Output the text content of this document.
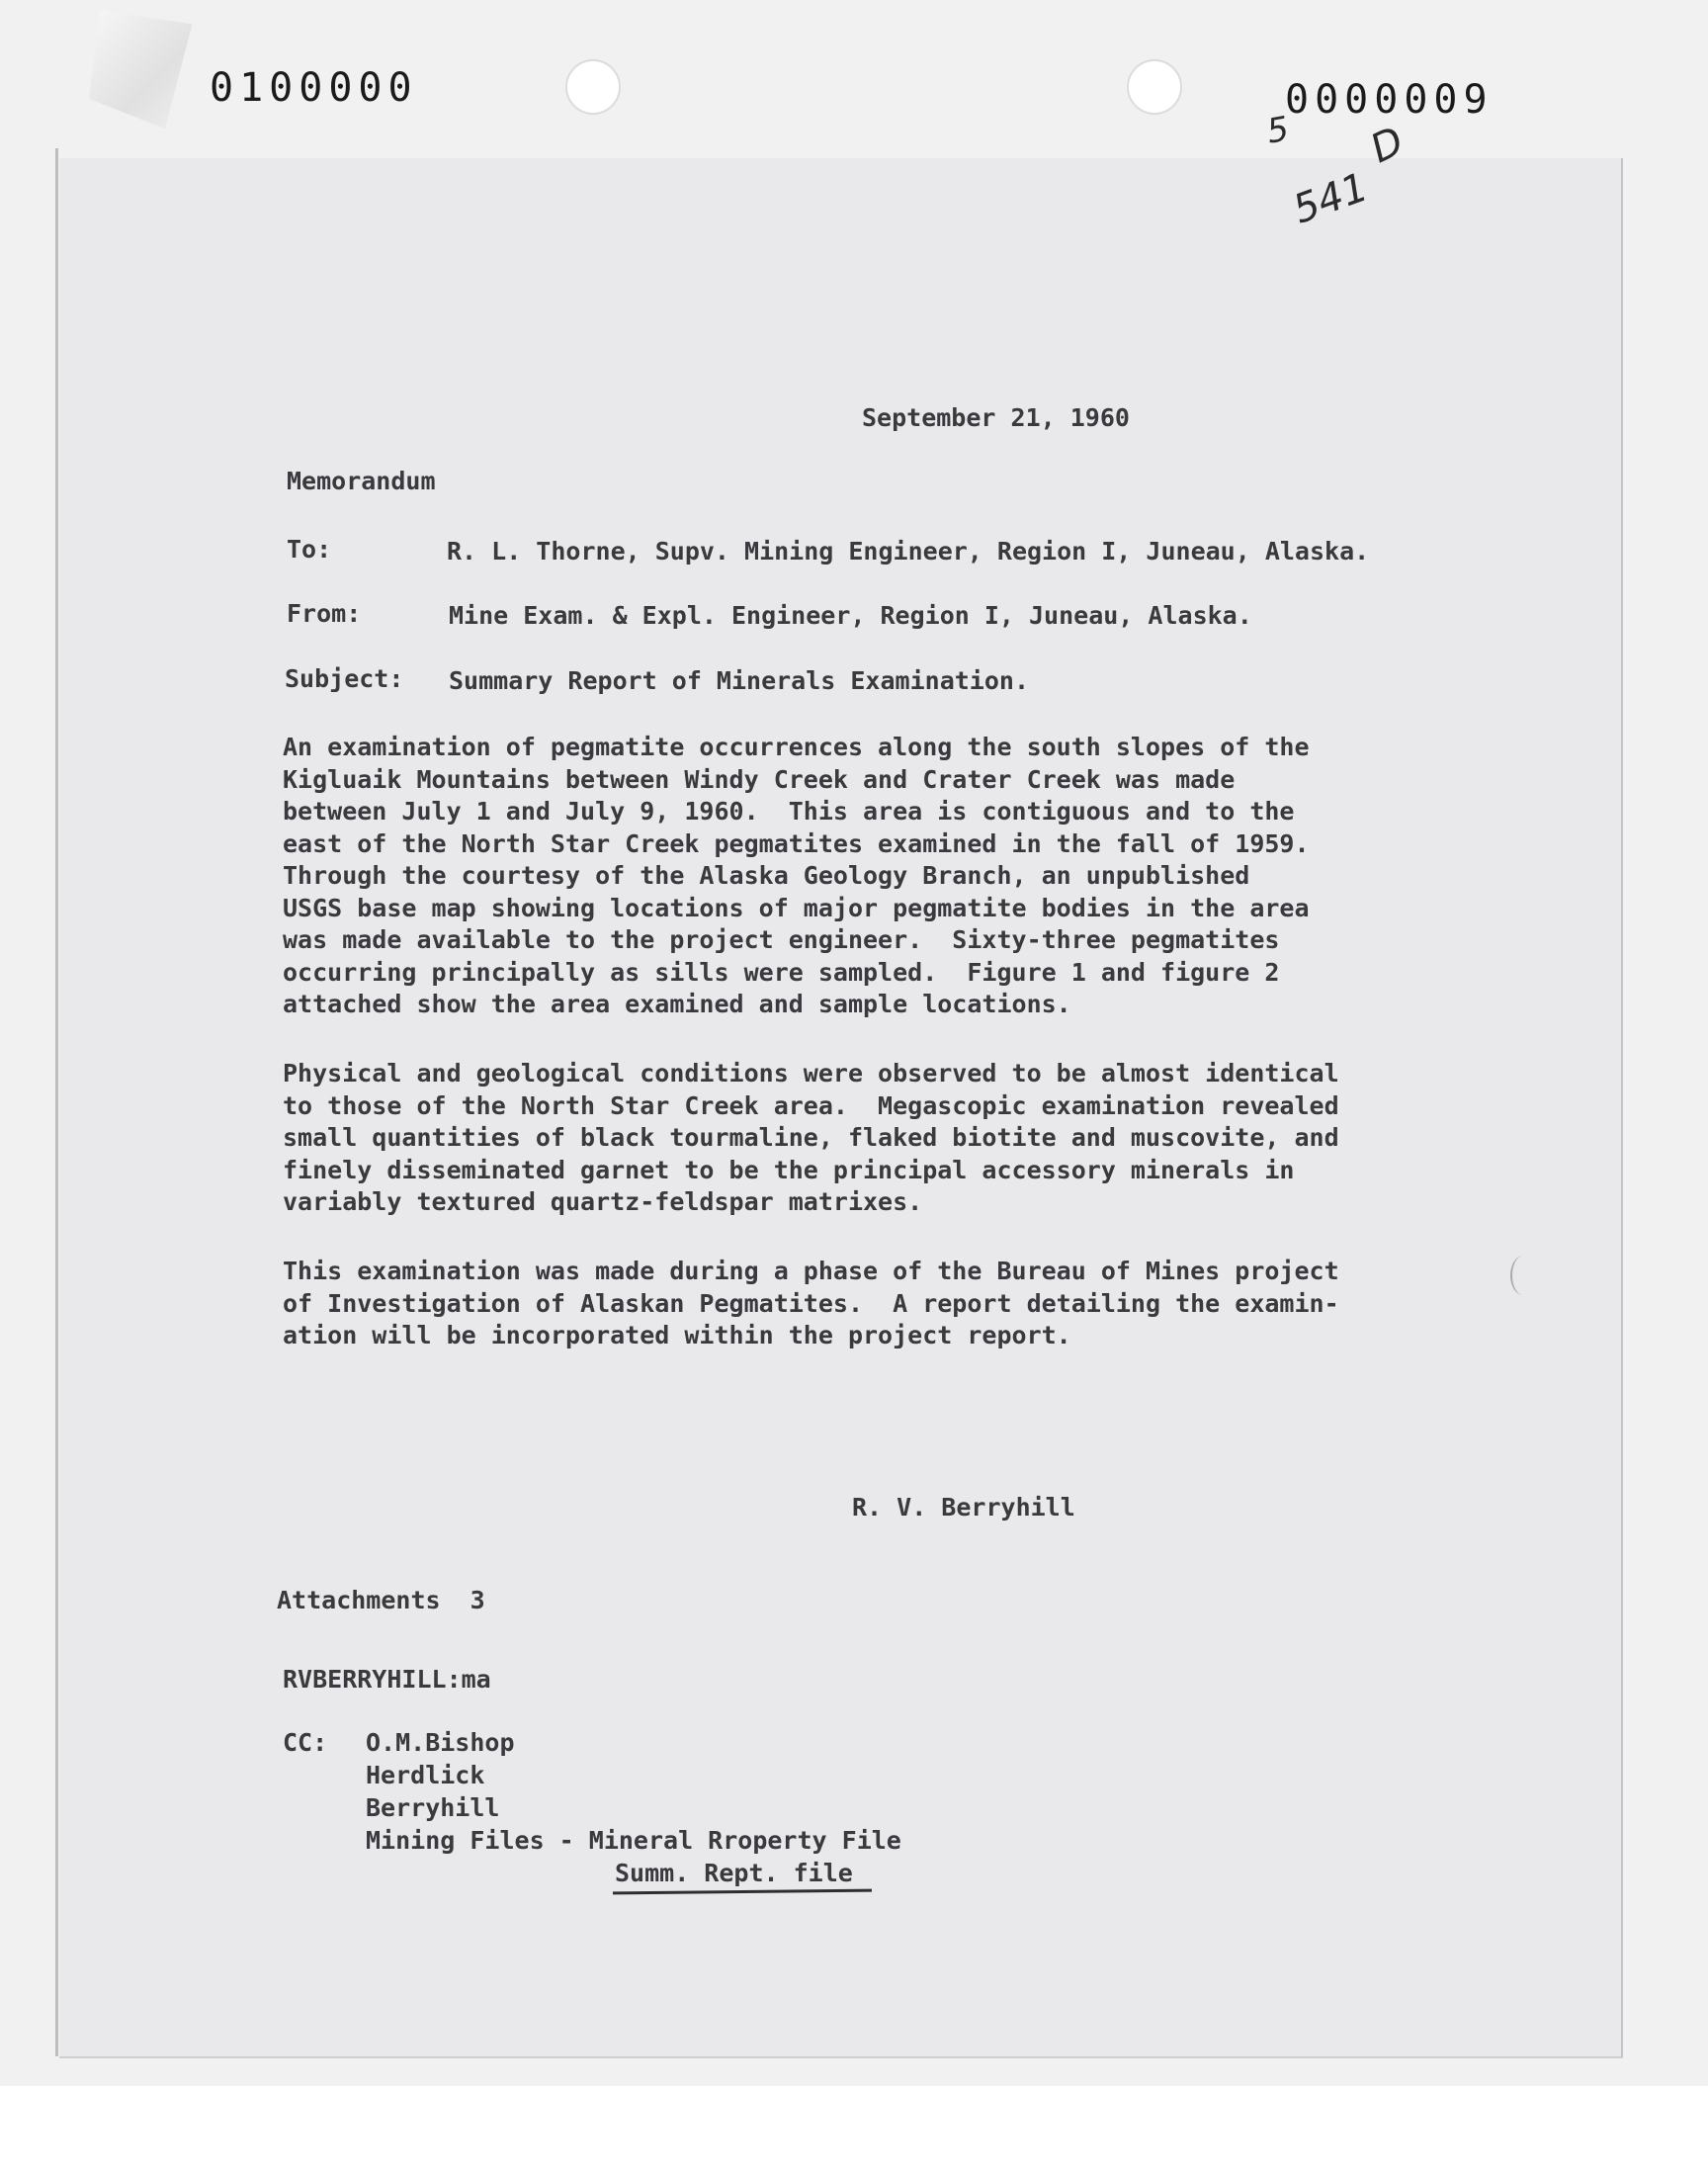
0100000	0000009
5
541
D
September 21, 1960
Memorandum
To:	R. L. Thorne, Supv. Mining Engineer, Region I, Juneau, Alaska.
From:	Mine Exam. & Expl. Engineer, Region I, Juneau, Alaska.
Subject: Summary Report of Minerals Examination.
An examination of pegmatite occurrences along the south slopes of the
Kigluaik Mountains between Windy Creek and Crater Creek was made
between July 1 and July 9, 1960.  This area is contiguous and to the
east of the North Star Creek pegmatites examined in the fall of 1959.
Through the courtesy of the Alaska Geology Branch, an unpublished
USGS base map showing locations of major pegmatite bodies in the area
was made available to the project engineer.  Sixty-three pegmatites
occurring principally as sills were sampled.  Figure 1 and figure 2
attached show the area examined and sample locations.
Physical and geological conditions were observed to be almost identical
to those of the North Star Creek area.  Megascopic examination revealed
small quantities of black tourmaline, flaked biotite and muscovite, and
finely disseminated garnet to be the principal accessory minerals in
variably textured quartz-feldspar matrixes.
This examination was made during a phase of the Bureau of Mines project
of Investigation of Alaskan Pegmatites.  A report detailing the examin-
ation will be incorporated within the project report.
R. V. Berryhill
Attachments  3
RVBERRYHILL:ma
CC: O.M.Bishop
Herdlick
Berryhill
Mining Files - Mineral Rroperty File
Summ. Rept. file
